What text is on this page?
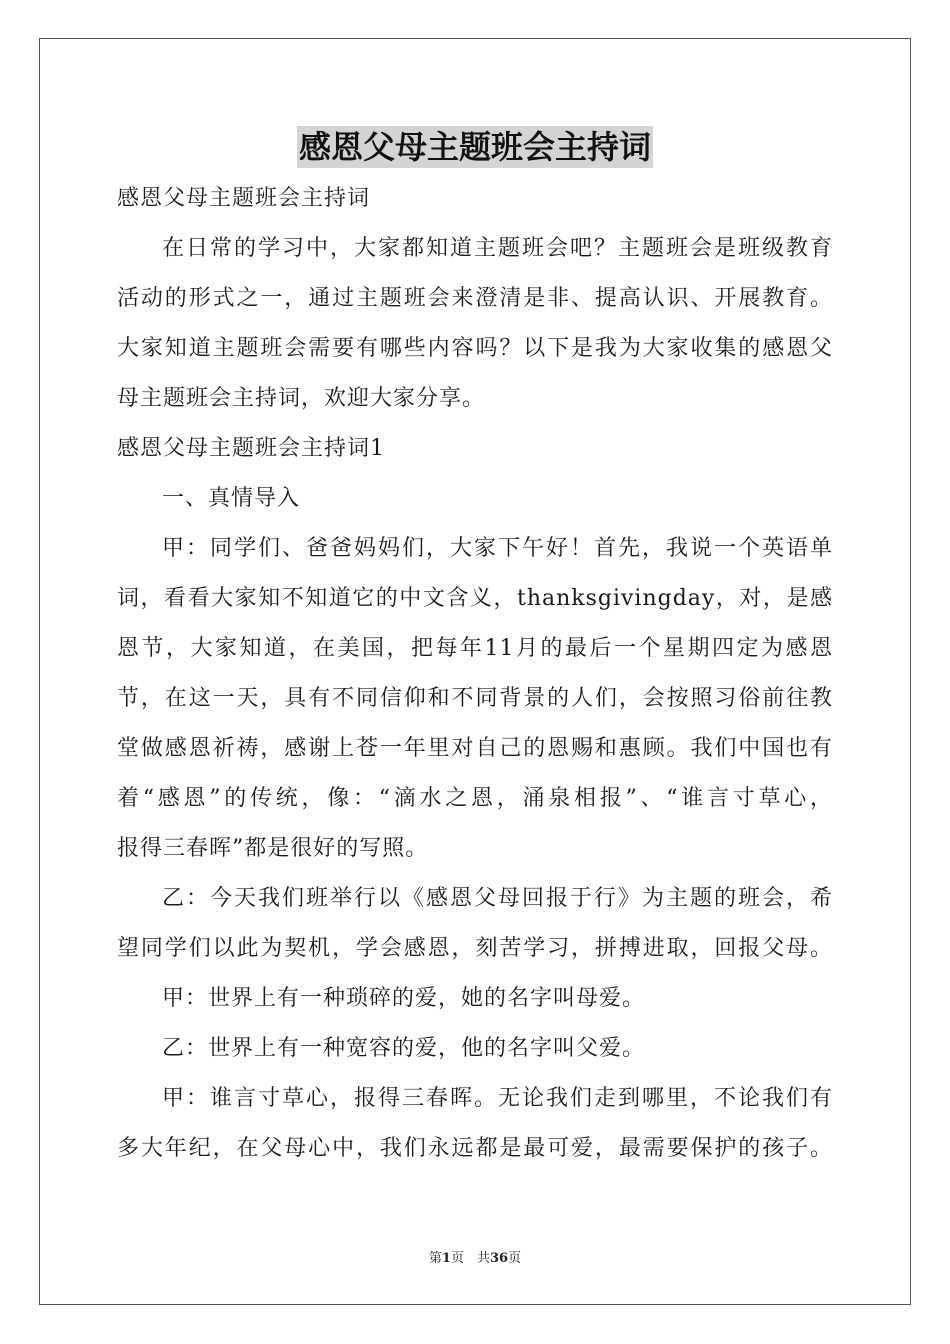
感恩父母主题班会主持词
感恩父母主题班会主持词
在日常的学习中，大家都知道主题班会吧？主题班会是班级教育
活动的形式之一，通过主题班会来澄清是非、提高认识、开展教育。
大家知道主题班会需要有哪些内容吗？以下是我为大家收集的感恩父
母主题班会主持词，欢迎大家分享。
感恩父母主题班会主持词1
一、真情导入
甲：同学们、爸爸妈妈们，大家下午好！首先，我说一个英语单
词，看看大家知不知道它的中文含义，thanksgivingday，对，是感
恩节，大家知道，在美国，把每年11月的最后一个星期四定为感恩
节，在这一天，具有不同信仰和不同背景的人们，会按照习俗前往教
堂做感恩祈祷，感谢上苍一年里对自己的恩赐和惠顾。我们中国也有
着“感恩”的传统，像：“滴水之恩，涌泉相报”、“谁言寸草心，
报得三春晖”都是很好的写照。
乙：今天我们班举行以《感恩父母回报于行》为主题的班会，希
望同学们以此为契机，学会感恩，刻苦学习，拼搏进取，回报父母。
甲：世界上有一种琐碎的爱，她的名字叫母爱。
乙：世界上有一种宽容的爱，他的名字叫父爱。
甲：谁言寸草心，报得三春晖。无论我们走到哪里，不论我们有
多大年纪，在父母心中，我们永远都是最可爱，最需要保护的孩子。
第1页　共36页
